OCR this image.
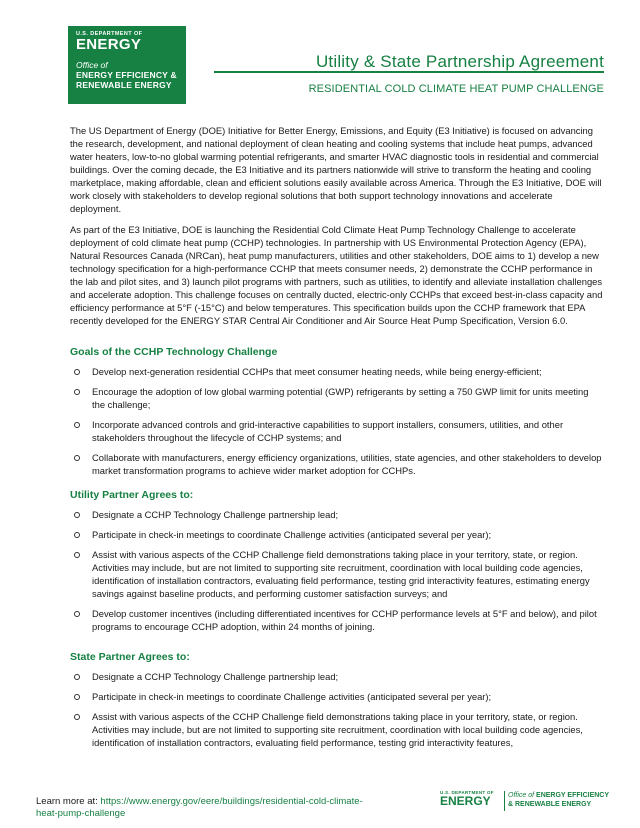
U.S. DEPARTMENT OF
ENERGY
Office of
ENERGY EFFICIENCY &
RENEWABLE ENERGY
Utility & State Partnership Agreement
RESIDENTIAL COLD CLIMATE HEAT PUMP CHALLENGE

The US Department of Energy (DOE) Initiative for Better Energy, Emissions, and Equity (E3 Initiative) is focused on advancing the research, development, and national deployment of clean heating and cooling systems that include heat pumps, advanced water heaters, low-to-no global warming potential refrigerants, and smarter HVAC diagnostic tools in residential and commercial buildings. Over the coming decade, the E3 Initiative and its partners nationwide will strive to transform the heating and cooling marketplace, making affordable, clean and efficient solutions easily available across America. Through the E3 Initiative, DOE will work closely with stakeholders to develop regional solutions that both support technology innovations and accelerate deployment.

As part of the E3 Initiative, DOE is launching the Residential Cold Climate Heat Pump Technology Challenge to accelerate deployment of cold climate heat pump (CCHP) technologies. In partnership with US Environmental Protection Agency (EPA), Natural Resources Canada (NRCan), heat pump manufacturers, utilities and other stakeholders, DOE aims to 1) develop a new technology specification for a high-performance CCHP that meets consumer needs, 2) demonstrate the CCHP performance in the lab and pilot sites, and 3) launch pilot programs with partners, such as utilities, to identify and alleviate installation challenges and accelerate adoption. This challenge focuses on centrally ducted, electric-only CCHPs that exceed best-in-class capacity and efficiency performance at 5°F (-15°C) and below temperatures. This specification builds upon the CCHP framework that EPA recently developed for the ENERGY STAR Central Air Conditioner and Air Source Heat Pump Specification, Version 6.0.

Goals of the CCHP Technology Challenge
Develop next-generation residential CCHPs that meet consumer heating needs, while being energy-efficient;
Encourage the adoption of low global warming potential (GWP) refrigerants by setting a 750 GWP limit for units meeting the challenge;
Incorporate advanced controls and grid-interactive capabilities to support installers, consumers, utilities, and other stakeholders throughout the lifecycle of CCHP systems; and
Collaborate with manufacturers, energy efficiency organizations, utilities, state agencies, and other stakeholders to develop market transformation programs to achieve wider market adoption for CCHPs.
Utility Partner Agrees to:
Designate a CCHP Technology Challenge partnership lead;
Participate in check-in meetings to coordinate Challenge activities (anticipated several per year);
Assist with various aspects of the CCHP Challenge field demonstrations taking place in your territory, state, or region. Activities may include, but are not limited to supporting site recruitment, coordination with local building code agencies, identification of installation contractors, evaluating field performance, testing grid interactivity features, estimating energy savings against baseline products, and performing customer satisfaction surveys; and
Develop customer incentives (including differentiated incentives for CCHP performance levels at 5°F and below), and pilot programs to encourage CCHP adoption, within 24 months of joining.
State Partner Agrees to:
Designate a CCHP Technology Challenge partnership lead;
Participate in check-in meetings to coordinate Challenge activities (anticipated several per year);
Assist with various aspects of the CCHP Challenge field demonstrations taking place in your territory, state, or region. Activities may include, but are not limited to supporting site recruitment, coordination with local building code agencies, identification of installation contractors, evaluating field performance, testing grid interactivity features,
Learn more at: https://www.energy.gov/eere/buildings/residential-cold-climate-heat-pump-challenge
U.S. DEPARTMENT OF
ENERGY	Office of ENERGY EFFICIENCY
& RENEWABLE ENERGY
